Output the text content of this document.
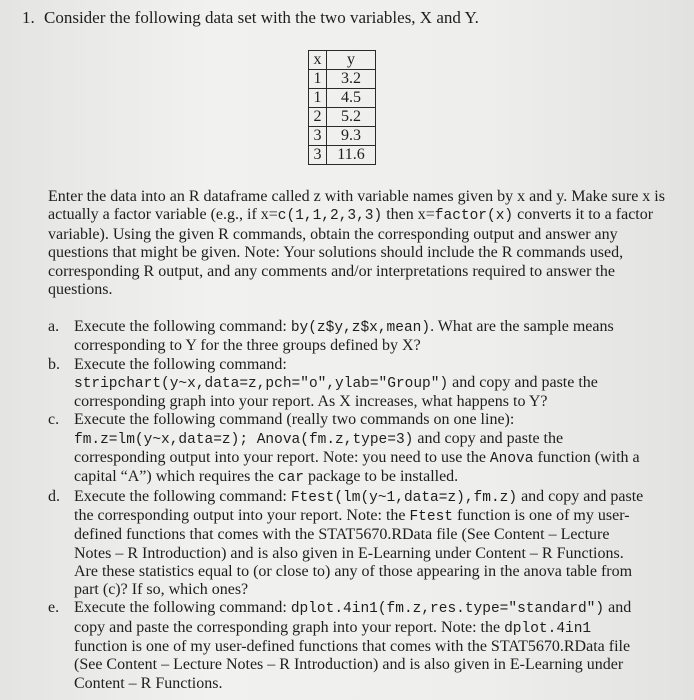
1. Consider the following data set with the two variables, X and Y.
x	y
1	3.2
1	4.5
2	5.2
3	9.3
3	11.6

Enter the data into an R dataframe called z with variable names given by x and y. Make sure x is actually a factor variable (e.g., if x=c(1,1,2,3,3) then x=factor(x) converts it to a factor variable). Using the given R commands, obtain the corresponding output and answer any questions that might be given. Note: Your solutions should include the R commands used, corresponding R output, and any comments and/or interpretations required to answer the questions.

a. Execute the following command: by(z$y,z$x,mean). What are the sample means corresponding to Y for the three groups defined by X?
b. Execute the following command:
stripchart(y~x,data=z,pch="o",ylab="Group") and copy and paste the corresponding graph into your report. As X increases, what happens to Y?
c. Execute the following command (really two commands on one line):
fm.z=lm(y~x,data=z); Anova(fm.z,type=3) and copy and paste the corresponding output into your report. Note: you need to use the Anova function (with a capital “A”) which requires the car package to be installed.
d. Execute the following command: Ftest(lm(y~1,data=z),fm.z) and copy and paste the corresponding output into your report. Note: the Ftest function is one of my user-defined functions that comes with the STAT5670.RData file (See Content – Lecture Notes – R Introduction) and is also given in E-Learning under Content – R Functions. Are these statistics equal to (or close to) any of those appearing in the anova table from part (c)? If so, which ones?
e. Execute the following command: dplot.4in1(fm.z,res.type="standard") and copy and paste the corresponding graph into your report. Note: the dplot.4in1 function is one of my user-defined functions that comes with the STAT5670.RData file (See Content – Lecture Notes – R Introduction) and is also given in E-Learning under Content – R Functions.
